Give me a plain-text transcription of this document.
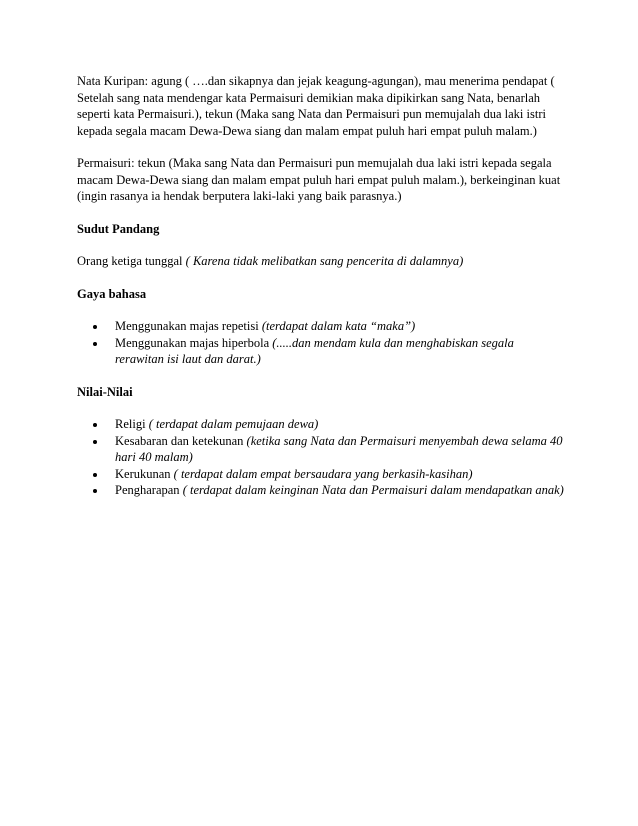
Nata Kuripan: agung ( ….dan sikapnya dan jejak keagung-agungan), mau menerima pendapat (
Setelah sang nata mendengar kata Permaisuri demikian maka dipikirkan sang Nata, benarlah
seperti kata Permaisuri.), tekun (Maka sang Nata dan Permaisuri pun memujalah dua laki istri
kepada segala macam Dewa-Dewa siang dan malam empat puluh hari empat puluh malam.)

Permaisuri: tekun (Maka sang Nata dan Permaisuri pun memujalah dua laki istri kepada segala
macam Dewa-Dewa siang dan malam empat puluh hari empat puluh malam.), berkeinginan kuat
(ingin rasanya ia hendak berputera laki-laki yang baik parasnya.)

Sudut Pandang

Orang ketiga tunggal ( Karena tidak melibatkan sang pencerita di dalamnya)

Gaya bahasa

Menggunakan majas repetisi (terdapat dalam kata “maka”)
Menggunakan majas hiperbola (.....dan mendam kula dan menghabiskan segala
rerawitan isi laut dan darat.)

Nilai-Nilai

Religi ( terdapat dalam pemujaan dewa)
Kesabaran dan ketekunan (ketika sang Nata dan Permaisuri menyembah dewa selama 40
hari 40 malam)
Kerukunan ( terdapat dalam empat bersaudara yang berkasih-kasihan)
Pengharapan ( terdapat dalam keinginan Nata dan Permaisuri dalam mendapatkan anak)
